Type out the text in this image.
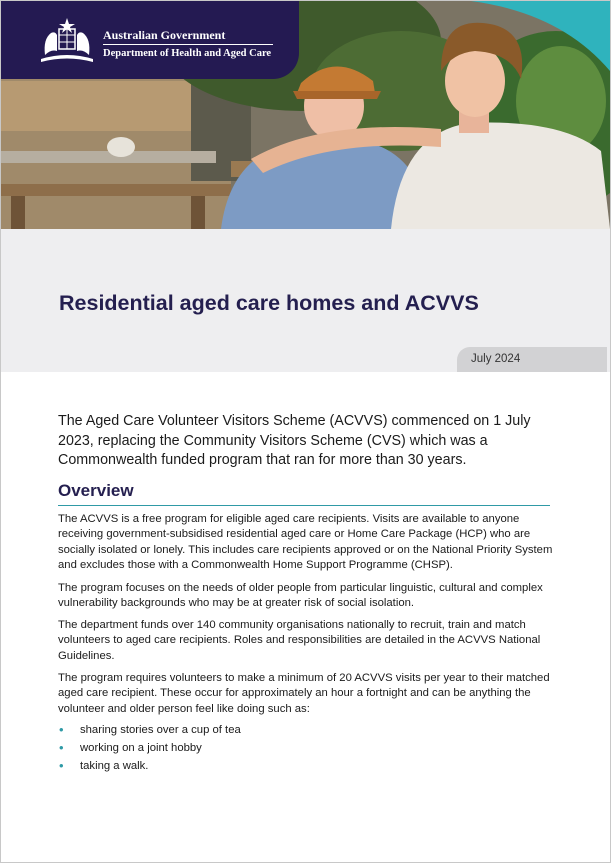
Australian Government
Department of Health and Aged Care
Residential aged care homes and ACVVS
July 2024

The Aged Care Volunteer Visitors Scheme (ACVVS) commenced on 1 July 2023, replacing the Community Visitors Scheme (CVS) which was a Commonwealth funded program that ran for more than 30 years.

Overview

The ACVVS is a free program for eligible aged care recipients. Visits are available to anyone receiving government-subsidised residential aged care or Home Care Package (HCP) who are socially isolated or lonely. This includes care recipients approved or on the National Priority System and excludes those with a Commonwealth Home Support Programme (CHSP).

The program focuses on the needs of older people from particular linguistic, cultural and complex vulnerability backgrounds who may be at greater risk of social isolation.

The department funds over 140 community organisations nationally to recruit, train and match volunteers to aged care recipients. Roles and responsibilities are detailed in the ACVVS National Guidelines.

The program requires volunteers to make a minimum of 20 ACVVS visits per year to their matched aged care recipient. These occur for approximately an hour a fortnight and can be anything the volunteer and older person feel like doing such as:

• sharing stories over a cup of tea
• working on a joint hobby
• taking a walk.
